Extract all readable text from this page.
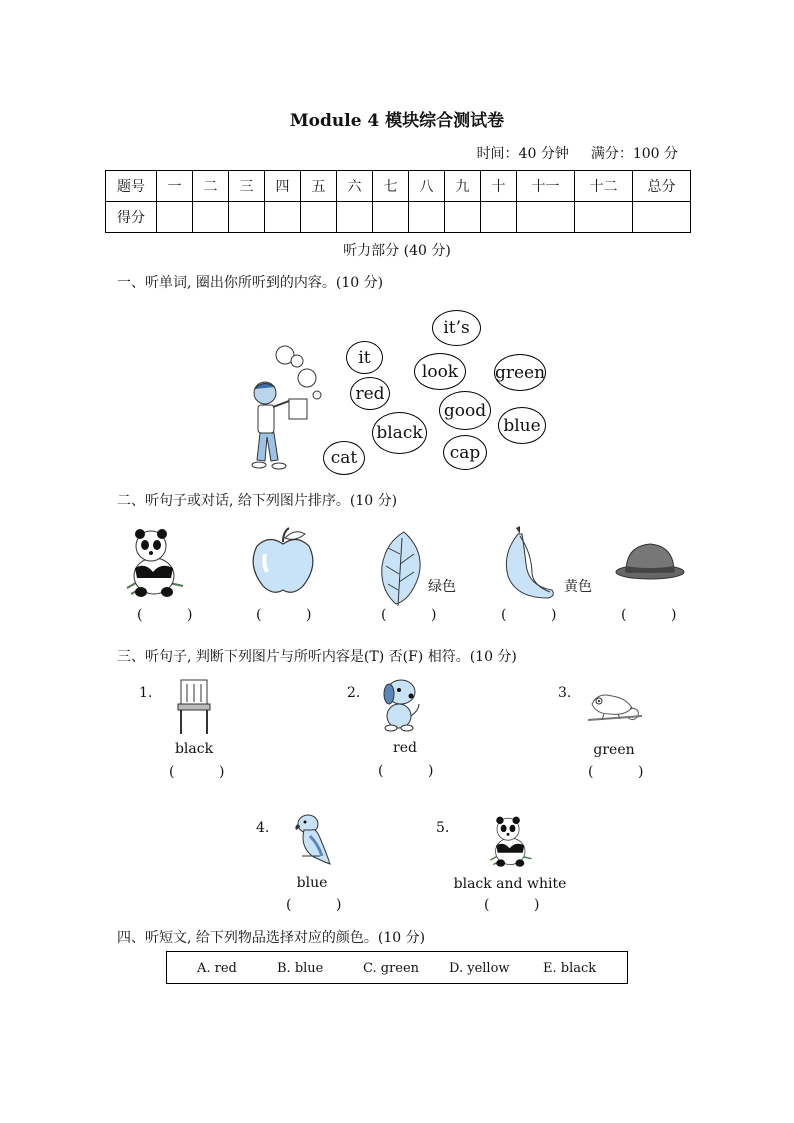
Module 4 模块综合测试卷
时间：40 分钟 满分：100 分
题号	一	二	三	四	五	六	七	八	九	十	十一	十二	总分
得分													
听力部分 (40 分)
一、听单词, 圈出你所听到的内容。(10 分)
it’s
it
look	green
red
good
black	blue
cap
cat
二、听句子或对话, 给下列图片排序。(10 分)
绿色	黄色
(          )	(          )	(          )	(          )	(          )
三、听句子, 判断下列图片与所听内容是(T) 否(F) 相符。(10 分)
1.
black
(          )
2.
red
(          )
3.
green
(          )
4.
blue
(          )
5.
black and white
(          )
四、听短文, 给下列物品选择对应的颜色。(10 分)
A. red	B. blue	C. green D. yellow	E. black
